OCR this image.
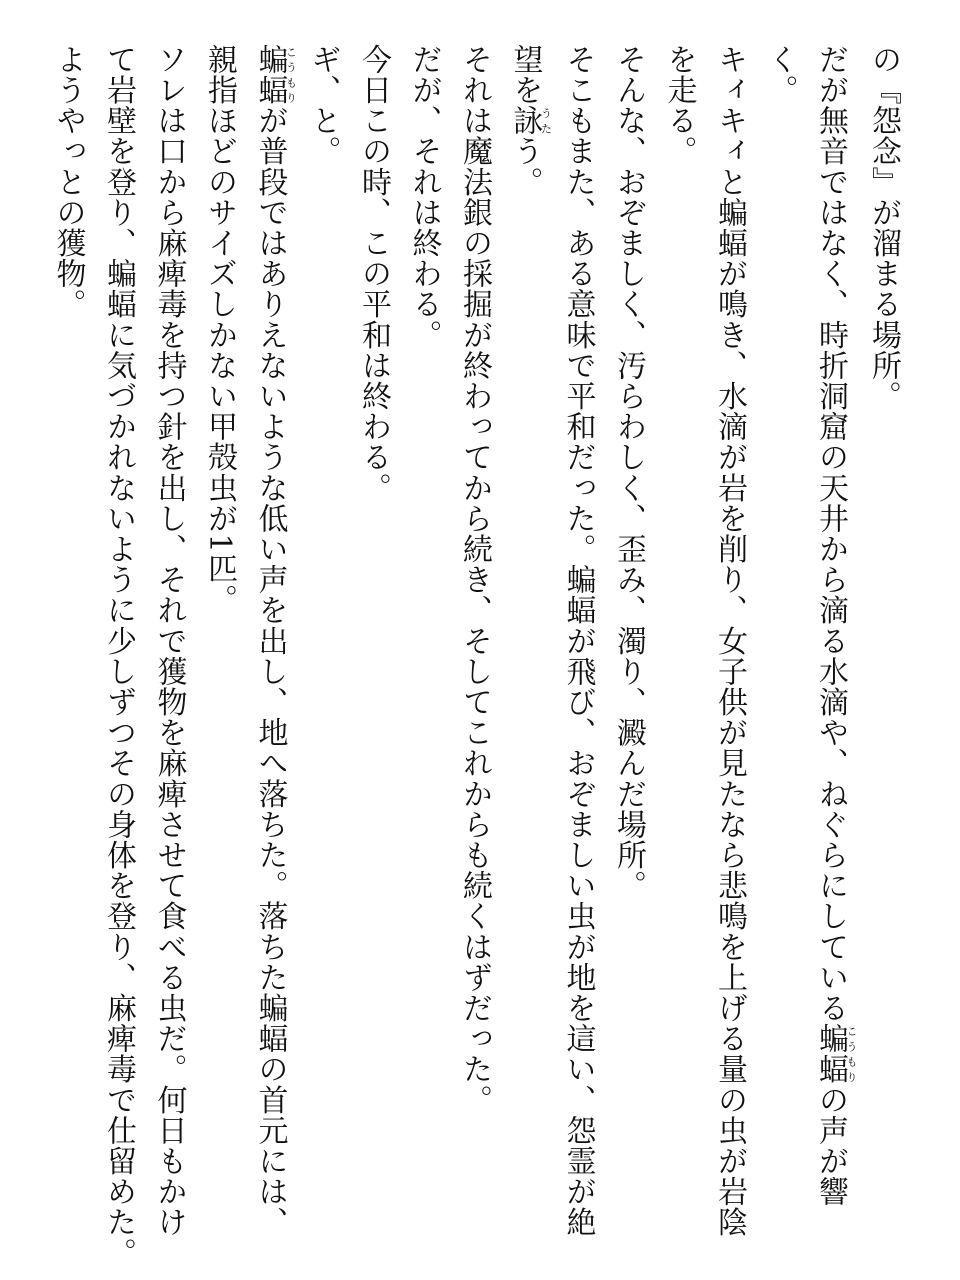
の『怨念』が溜まる場所。
だが無音ではなく、時折洞窟の天井から滴る水滴や、ねぐらにしている蝙蝠こうもりの声が響
く。
キィキィと蝙蝠が鳴き、水滴が岩を削り、女子供が見たなら悲鳴を上げる量の虫が岩陰
を走る。
そんな、おぞましく、汚らわしく、歪み、濁り、澱んだ場所。
そこもまた、ある意味で平和だった。蝙蝠が飛び、おぞましい虫が地を這い、怨霊が絶
望を詠うたう。
それは魔法銀の採掘が終わってから続き、そしてこれからも続くはずだった。
だが、それは終わる。
今日この時、この平和は終わる。
ギ、と。
蝙蝠こうもりが普段ではありえないような低い声を出し、地へ落ちた。落ちた蝙蝠の首元には、
親指ほどのサイズしかない甲殻虫が1匹。
ソレは口から麻痺毒を持つ針を出し、それで獲物を麻痺させて食べる虫だ。何日もかけ
て岩壁を登り、蝙蝠に気づかれないように少しずつその身体を登り、麻痺毒で仕留めた。
ようやっとの獲物。
